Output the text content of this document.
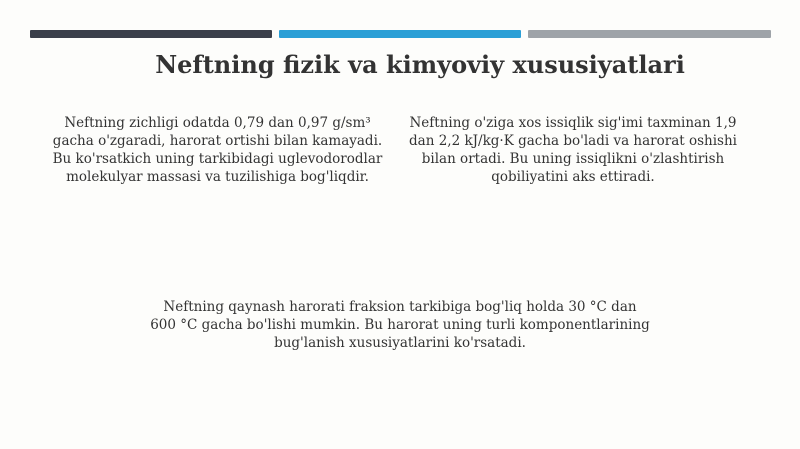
Neftning fizik va kimyoviy xususiyatlari
Neftning zichligi odatda 0,79 dan 0,97 g/sm³ gacha o'zgaradi, harorat ortishi bilan kamayadi. Bu ko'rsatkich uning tarkibidagi uglevodorodlar molekulyar massasi va tuzilishiga bog'liqdir.
Neftning o'ziga xos issiqlik sig'imi taxminan 1,9 dan 2,2 kJ/kg·K gacha bo'ladi va harorat oshishi bilan ortadi. Bu uning issiqlikni o'zlashtirish qobiliyatini aks ettiradi.
Neftning qaynash harorati fraksion tarkibiga bog'liq holda 30 °C dan 600 °C gacha bo'lishi mumkin. Bu harorat uning turli komponentlarining bug'lanish xususiyatlarini ko'rsatadi.
